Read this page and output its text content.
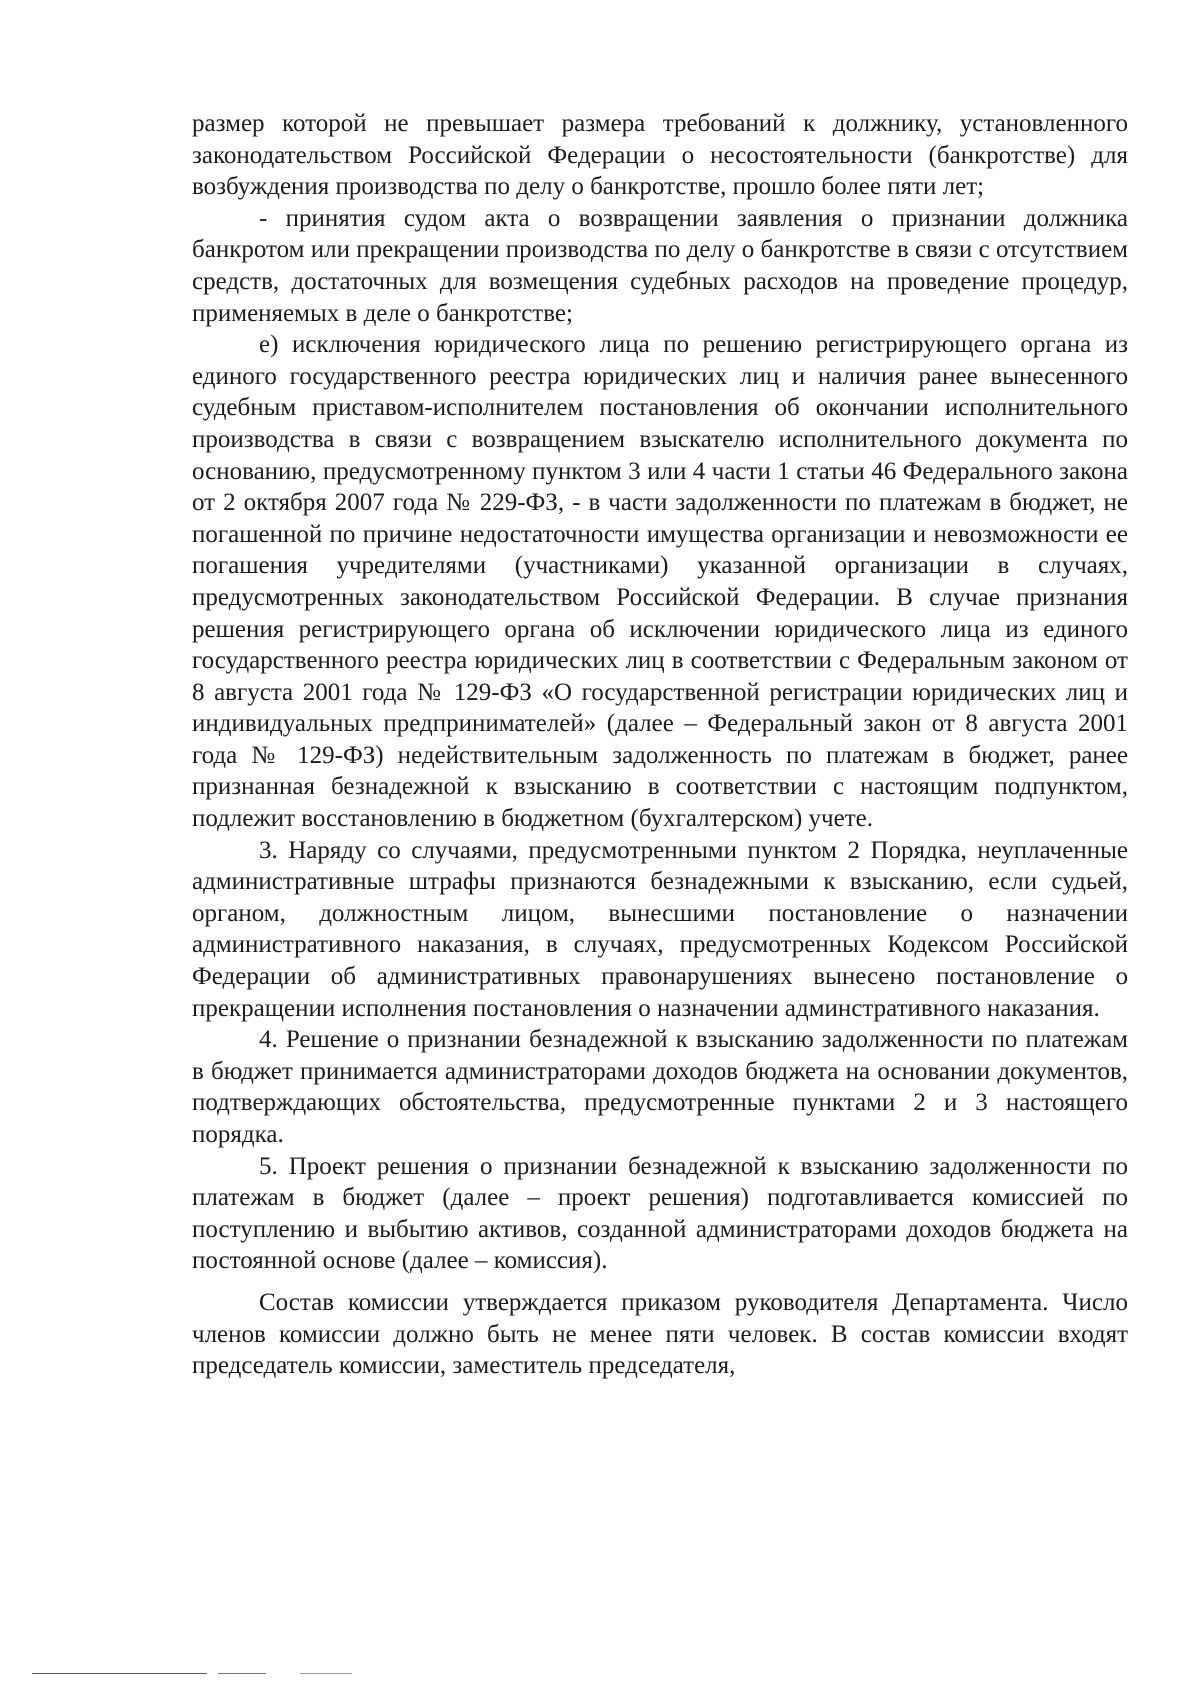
размер которой не превышает размера требований к должнику, установленного законодательством Российской Федерации о несостоятельности (банкротстве) для возбуждения производства по делу о банкротстве, прошло более пяти лет;

- принятия судом акта о возвращении заявления о признании должника банкротом или прекращении производства по делу о банкротстве в связи с отсутствием средств, достаточных для возмещения судебных расходов на проведение процедур, применяемых в деле о банкротстве;

е) исключения юридического лица по решению регистрирующего органа из единого государственного реестра юридических лиц и наличия ранее вынесенного судебным приставом-исполнителем постановления об окончании исполнительного производства в связи с возвращением взыскателю исполнительного документа по основанию, предусмотренному пунктом 3 или 4 части 1 статьи 46 Федерального закона от 2 октября 2007 года № 229-ФЗ, - в части задолженности по платежам в бюджет, не погашенной по причине недостаточности имущества организации и невозможности ее погашения учредителями (участниками) указанной организации в случаях, предусмотренных законодательством Российской Федерации. В случае признания решения регистрирующего органа об исключении юридического лица из единого государственного реестра юридических лиц в соответствии с Федеральным законом от 8 августа 2001 года № 129-ФЗ «О государственной регистрации юридических лиц и индивидуальных предпринимателей» (далее – Федеральный закон от 8 августа 2001 года № 129-ФЗ) недействительным задолженность по платежам в бюджет, ранее признанная безнадежной к взысканию в соответствии с настоящим подпунктом, подлежит восстановлению в бюджетном (бухгалтерском) учете.

3. Наряду со случаями, предусмотренными пунктом 2 Порядка, неуплаченные административные штрафы признаются безнадежными к взысканию, если судьей, органом, должностным лицом, вынесшими постановление о назначении административного наказания, в случаях, предусмотренных Кодексом Российской Федерации об административных правонарушениях вынесено постановление о прекращении исполнения постановления о назначении админстративного наказания.

4. Решение о признании безнадежной к взысканию задолженности по платежам в бюджет принимается администраторами доходов бюджета на основании документов, подтверждающих обстоятельства, предусмотренные пунктами 2 и 3 настоящего порядка.

5. Проект решения о признании безнадежной к взысканию задолженности по платежам в бюджет (далее – проект решения) подготавливается комиссией по поступлению и выбытию активов, созданной администраторами доходов бюджета на постоянной основе (далее – комиссия).

Состав комиссии утверждается приказом руководителя Департамента. Число членов комиссии должно быть не менее пяти человек. В состав комиссии входят председатель комиссии, заместитель председателя,
